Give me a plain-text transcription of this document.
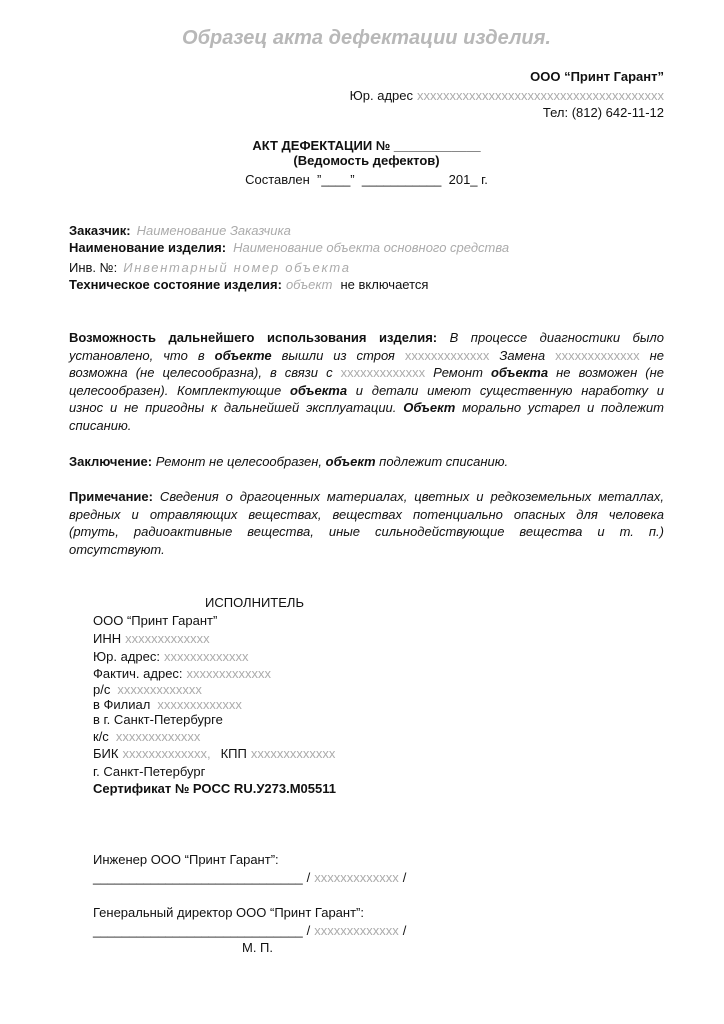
Образец акта дефектации изделия.
ООО “Принт Гарант”
Юр. адрес xxxxxxxxxxxxxxxxxxxxxxxxxxxxxxxxxxxxxx
Тел: (812) 642-11-12
АКТ ДЕФЕКТАЦИИ № ____________
(Ведомость дефектов)
Составлен  ”____”  ___________  201_ г.
Заказчик: Наименование Заказчика
Наименование изделия: Наименование объекта основного средства
Инв. №: Инвентарный номер объекта
Техническое состояние изделия: объект не включается
Возможность дальнейшего использования изделия: В процессе диагностики было
установлено, что в объекте вышли из строя xxxxxxxxxxxxx Замена xxxxxxxxxxxxx не
возможна (не целесообразна), в связи с xxxxxxxxxxxxx Ремонт объекта не возможен (не
целесообразен). Комплектующие объекта и детали имеют существенную наработку и
износ и не пригодны к дальнейшей эксплуатации. Объект морально устарел и подлежит
списанию.
Заключение: Ремонт не целесообразен, объект подлежит списанию.
Примечание: Сведения о драгоценных материалах, цветных и редкоземельных металлах,
вредных и отравляющих веществах, веществах потенциально опасных для человека
(ртуть, радиоактивные вещества, иные сильнодействующие вещества и т. п.)
отсутствуют.
ИСПОЛНИТЕЛЬ
ООО “Принт Гарант”
ИНН xxxxxxxxxxxxx
Юр. адрес: xxxxxxxxxxxxx
Фактич. адрес: xxxxxxxxxxxxx
р/с xxxxxxxxxxxxx
в Филиал xxxxxxxxxxxxx
в г. Санкт-Петербурге
к/с xxxxxxxxxxxxx
БИК xxxxxxxxxxxxx, КПП xxxxxxxxxxxxx
г. Санкт-Петербург
Сертификат № РОСС RU.У273.М05511
Инженер ООО “Принт Гарант”:
_____________________________ / xxxxxxxxxxxxx /
Генеральный директор ООО “Принт Гарант”:
_____________________________ / xxxxxxxxxxxxx /
М. П.
